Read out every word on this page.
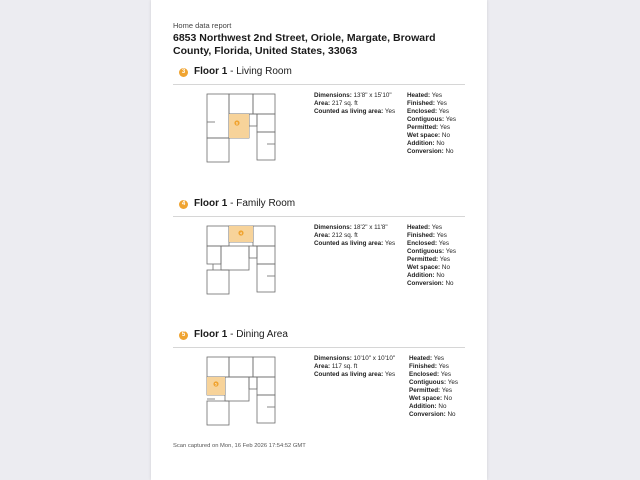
Home data report
6853 Northwest 2nd Street, Oriole, Margate, Broward County, Florida, United States, 33063
3 Floor 1 - Living Room
6
Dimensions: 13'8" x 15'10"
Area: 217 sq. ft
Counted as living area: Yes
Heated: Yes
Finished: Yes
Enclosed: Yes
Contiguous: Yes
Permitted: Yes
Wet space: No
Addition: No
Conversion: No
4 Floor 1 - Family Room
4
Dimensions: 18'2" x 11'8"
Area: 212 sq. ft
Counted as living area: Yes
Heated: Yes
Finished: Yes
Enclosed: Yes
Contiguous: Yes
Permitted: Yes
Wet space: No
Addition: No
Conversion: No
5 Floor 1 - Dining Area
5
Dimensions: 10'10" x 10'10"
Area: 117 sq. ft
Counted as living area: Yes
Heated: Yes
Finished: Yes
Enclosed: Yes
Contiguous: Yes
Permitted: Yes
Wet space: No
Addition: No
Conversion: No
Scan captured on Mon, 16 Feb 2026 17:54:52 GMT
